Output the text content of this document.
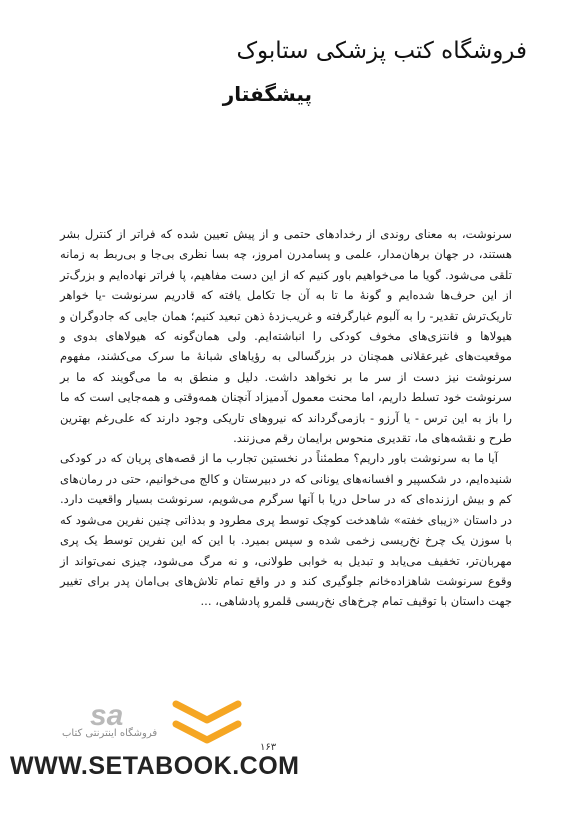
فروشگاه کتب پزشکی ستابوک
پیشگفتار

سرنوشت، به معنای روندی از رخدادهای حتمی و از پیش تعیین شده که فراتر از کنترل بشر هستند، در جهان برهان‌مدار، علمی و پسامدرن امروز، چه بسا نظری بی‌جا و بی‌ربط به زمانه تلقی می‌شود. گویا ما می‌خواهیم باور کنیم که از این دست مفاهیم، پا فراتر نهاده‌ایم و بزرگ‌تر از این حرف‌ها شده‌ایم و گونهٔ ما تا به آن جا تکامل یافته که قادریم سرنوشت -یا خواهر تاریک‌ترش تقدیر- را به آلبوم غبارگرفته و غریب‌زدهٔ ذهن تبعید کنیم؛ همان جایی که جادوگران و هیولاها و فانتزی‌های مخوف کودکی را انباشته‌ایم. ولی همان‌گونه که هیولاهای بدوی و موقعیت‌های غیرعقلانی همچنان در بزرگسالی به رؤیاهای شبانهٔ ما سرک می‌کشند، مفهوم سرنوشت نیز دست از سر ما بر نخواهد داشت. دلیل و منطق به ما می‌گویند که ما بر سرنوشت خود تسلط داریم، اما محنت معمول آدمیزاد آنچنان همه‌وقتی و همه‌جایی است که ما را باز به این ترس - یا آرزو - بازمی‌گرداند که نیروهای تاریکی وجود دارند که علی‌رغم بهترین طرح و نقشه‌های ما، تقدیری منحوس برایمان رقم می‌زنند.

آیا ما به سرنوشت باور داریم؟ مطمئناً در نخستین تجارب ما از قصه‌های پریان که در کودکی شنیده‌ایم، در شکسپیر و افسانه‌های یونانی که در دبیرستان و کالج می‌خوانیم، حتی در رمان‌های کم و بیش ارزنده‌ای که در ساحل دریا با آنها سرگرم می‌شویم، سرنوشت بسیار واقعیت دارد. در داستان «زیبای خفته» شاهدخت کوچک توسط پری مطرود و بدذاتی چنین نفرین می‌شود که با سوزن یک چرخ نخ‌ریسی زخمی شده و سپس بمیرد. با این که این نفرین توسط یک پری مهربان‌تر، تخفیف می‌یابد و تبدیل به خوابی طولانی، و نه مرگ می‌شود، چیزی نمی‌تواند از وقوع سرنوشت شاهزاده‌خانم جلوگیری کند و در واقع تمام تلاش‌های بی‌امان پدر برای تغییر جهت داستان با توقیف تمام چرخ‌های نخ‌ریسی قلمرو پادشاهی، ...

۱۶۳
sa
فروشگاه اینترنتی کتاب
WWW.SETABOOK.COM
